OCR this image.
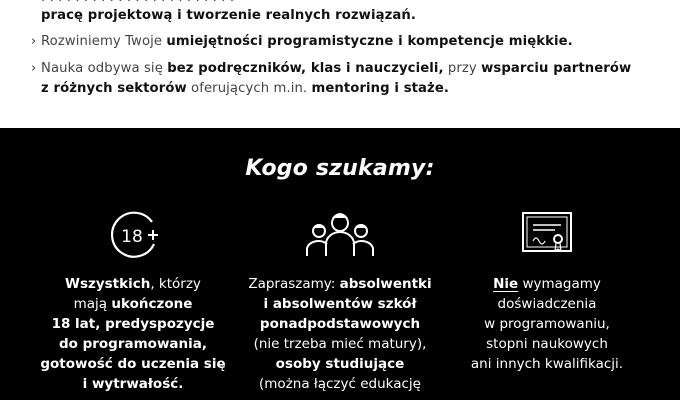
pracę projektową i tworzenie realnych rozwiązań.
› Rozwiniemy Twoje umiejętności programistyczne i kompetencje miękkie.
› Nauka odbywa się bez podręczników, klas i nauczycieli, przy wsparciu partnerów
z różnych sektorów oferujących m.in. mentoring i staże.
Kogo szukamy:
18
Wszystkich, którzy
mają ukończone
18 lat, predyspozycje
do programowania,
gotowość do uczenia się
i wytrwałość.
Zapraszamy: absolwentki
i absolwentów szkół
ponadpodstawowych
(nie trzeba mieć matury),
osoby studiujące
(można łączyć edukację
Nie wymagamy
doświadczenia
w programowaniu,
stopni naukowych
ani innych kwalifikacji.
